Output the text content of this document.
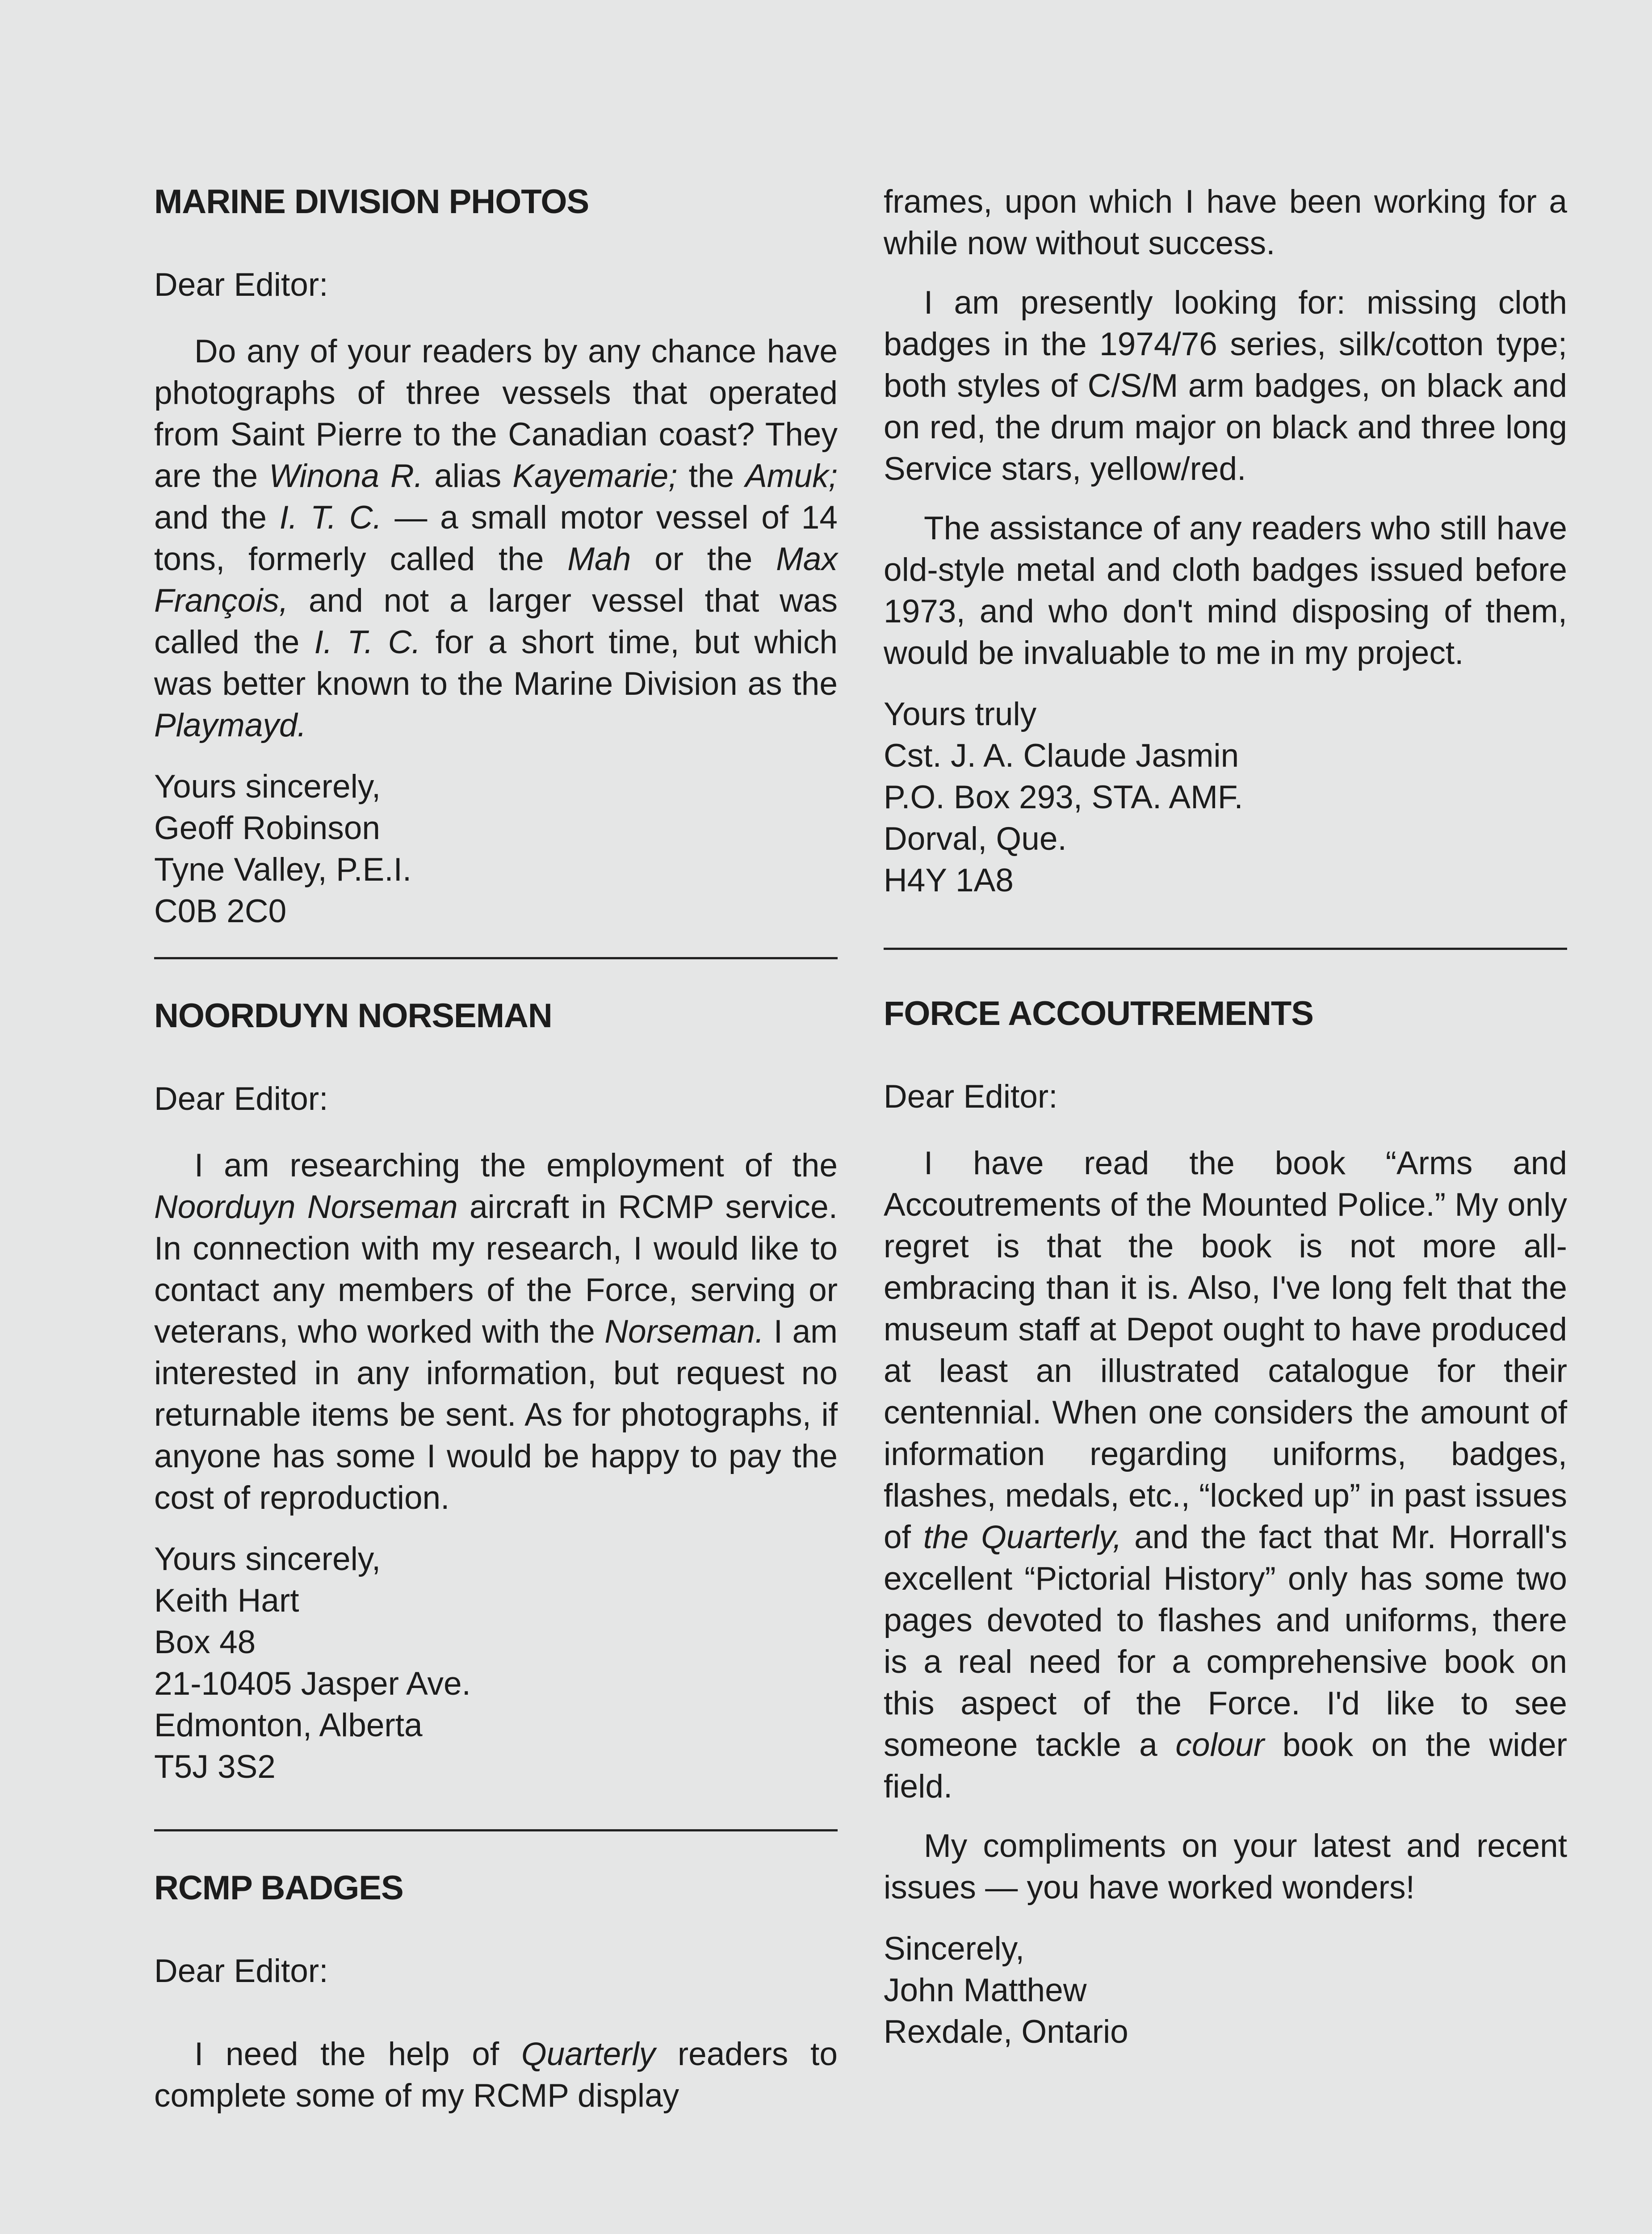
MARINE DIVISION PHOTOS

Dear Editor:

Do any of your readers by any chance have photographs of three vessels that operated from Saint Pierre to the Canadian coast? They are the Winona R. alias Kayemarie; the Amuk; and the I. T. C. — a small motor vessel of 14 tons, formerly called the Mah or the Max François, and not a larger vessel that was called the I. T. C. for a short time, but which was better known to the Marine Division as the Playmayd.

Yours sincerely,
Geoff Robinson
Tyne Valley, P.E.I.
C0B 2C0
NOORDUYN NORSEMAN

Dear Editor:

I am researching the employment of the Noorduyn Norseman aircraft in RCMP service. In connection with my research, I would like to contact any members of the Force, serving or veterans, who worked with the Norseman. I am interested in any information, but request no returnable items be sent. As for photographs, if anyone has some I would be happy to pay the cost of reproduction.

Yours sincerely,
Keith Hart
Box 48
21-10405 Jasper Ave.
Edmonton, Alberta
T5J 3S2
RCMP BADGES

Dear Editor:

I need the help of Quarterly readers to complete some of my RCMP display

frames, upon which I have been working for a while now without success.

I am presently looking for: missing cloth badges in the 1974/76 series, silk/cotton type; both styles of C/S/M arm badges, on black and on red, the drum major on black and three long Service stars, yellow/red.

The assistance of any readers who still have old-style metal and cloth badges issued before 1973, and who don't mind disposing of them, would be invaluable to me in my project.

Yours truly
Cst. J. A. Claude Jasmin
P.O. Box 293, STA. AMF.
Dorval, Que.
H4Y 1A8
FORCE ACCOUTREMENTS

Dear Editor:

I have read the book “Arms and Accoutrements of the Mounted Police.” My only regret is that the book is not more all-embracing than it is. Also, I've long felt that the museum staff at Depot ought to have produced at least an illustrated catalogue for their centennial. When one considers the amount of information regarding uniforms, badges, flashes, medals, etc., “locked up” in past issues of the Quarterly, and the fact that Mr. Horrall's excellent “Pictorial History” only has some two pages devoted to flashes and uniforms, there is a real need for a comprehensive book on this aspect of the Force. I'd like to see someone tackle a colour book on the wider field.

My compliments on your latest and recent issues — you have worked wonders!

Sincerely,
John Matthew
Rexdale, Ontario
